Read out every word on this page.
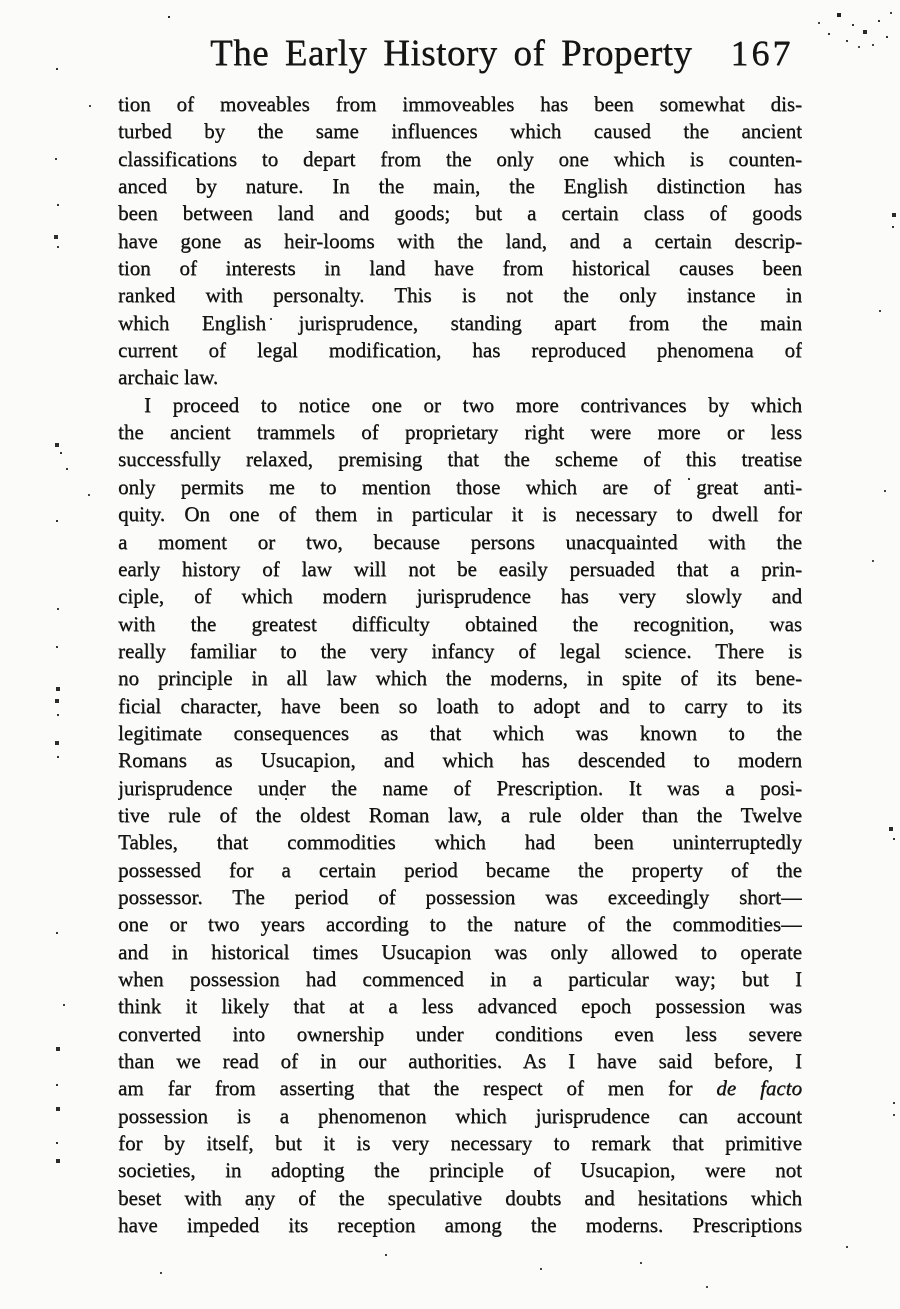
The Early History of Property 167
tion of moveables from immoveables has been somewhat dis-
turbed by the same influences which caused the ancient
classifications to depart from the only one which is counten-
anced by nature. In the main, the English distinction has
been between land and goods; but a certain class of goods
have gone as heir-looms with the land, and a certain descrip-
tion of interests in land have from historical causes been
ranked with personalty. This is not the only instance in
which English jurisprudence, standing apart from the main
current of legal modification, has reproduced phenomena of
archaic law.
I proceed to notice one or two more contrivances by which
the ancient trammels of proprietary right were more or less
successfully relaxed, premising that the scheme of this treatise
only permits me to mention those which are of great anti-
quity. On one of them in particular it is necessary to dwell for
a moment or two, because persons unacquainted with the
early history of law will not be easily persuaded that a prin-
ciple, of which modern jurisprudence has very slowly and
with the greatest difficulty obtained the recognition, was
really familiar to the very infancy of legal science. There is
no principle in all law which the moderns, in spite of its bene-
ficial character, have been so loath to adopt and to carry to its
legitimate consequences as that which was known to the
Romans as Usucapion, and which has descended to modern
jurisprudence under the name of Prescription. It was a posi-
tive rule of the oldest Roman law, a rule older than the Twelve
Tables, that commodities which had been uninterruptedly
possessed for a certain period became the property of the
possessor. The period of possession was exceedingly short—
one or two years according to the nature of the commodities—
and in historical times Usucapion was only allowed to operate
when possession had commenced in a particular way; but I
think it likely that at a less advanced epoch possession was
converted into ownership under conditions even less severe
than we read of in our authorities. As I have said before, I
am far from asserting that the respect of men for de facto
possession is a phenomenon which jurisprudence can account
for by itself, but it is very necessary to remark that primitive
societies, in adopting the principle of Usucapion, were not
beset with any of the speculative doubts and hesitations which
have impeded its reception among the moderns. Prescriptions
